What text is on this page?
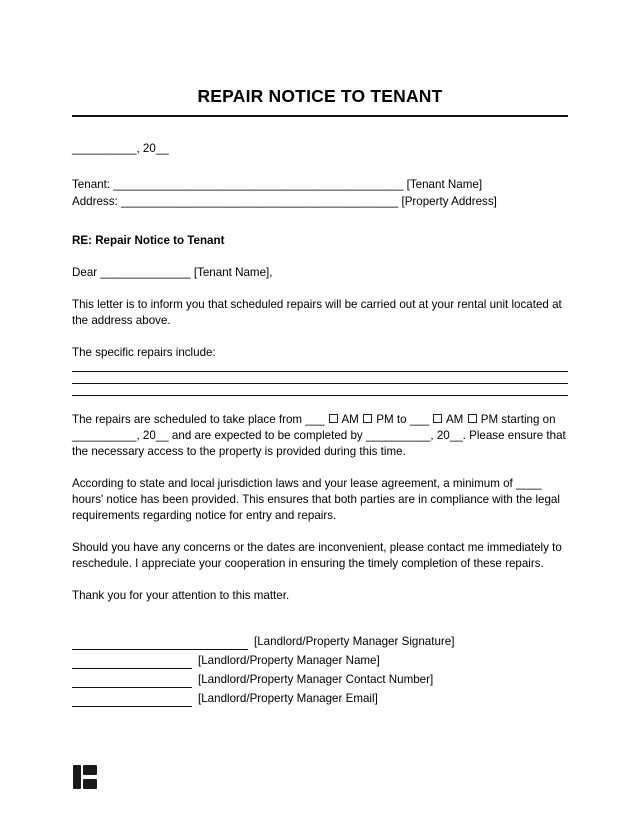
REPAIR NOTICE TO TENANT
__________, 20__
Tenant: _____________________________________________ [Tenant Name]
Address: ___________________________________________ [Property Address]
RE: Repair Notice to Tenant

Dear ______________ [Tenant Name],

This letter is to inform you that scheduled repairs will be carried out at your rental unit located at the address above.

The specific repairs include:

The repairs are scheduled to take place from ___  AM  PM to ___  AM  PM starting on __________, 20__ and are expected to be completed by __________, 20__. Please ensure that the necessary access to the property is provided during this time.

According to state and local jurisdiction laws and your lease agreement, a minimum of ____ hours' notice has been provided. This ensures that both parties are in compliance with the legal requirements regarding notice for entry and repairs.

Should you have any concerns or the dates are inconvenient, please contact me immediately to reschedule. I appreciate your cooperation in ensuring the timely completion of these repairs.

Thank you for your attention to this matter.

[Landlord/Property Manager Signature]
[Landlord/Property Manager Name]
[Landlord/Property Manager Contact Number]
[Landlord/Property Manager Email]
